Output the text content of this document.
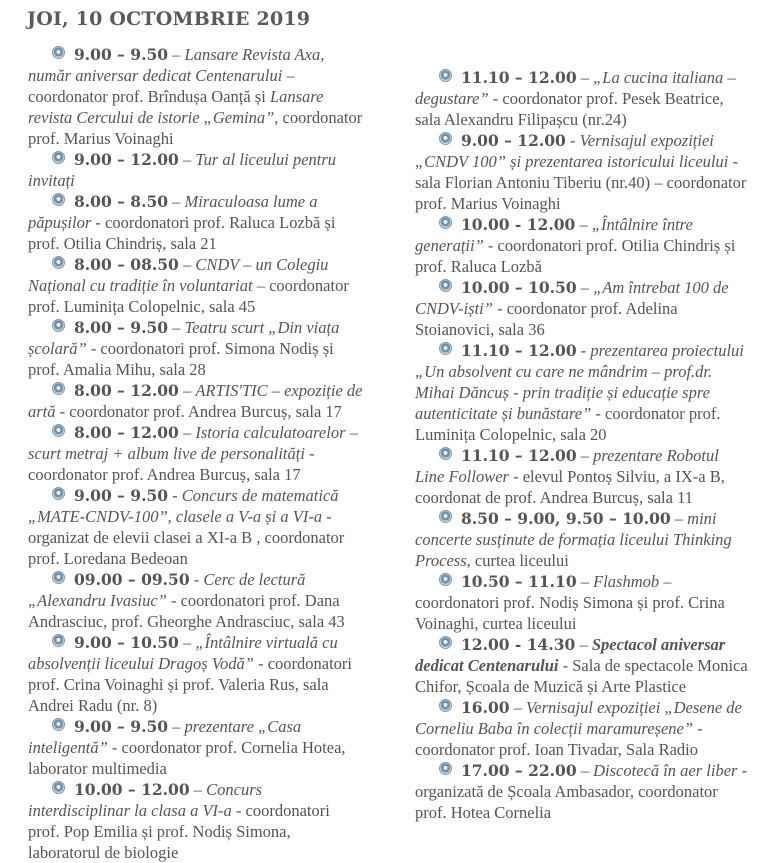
JOI, 10 OCTOMBRIE 2019

9.00 – 9.50 – Lansare Revista Axa, număr aniversar dedicat Centenarului – coordonator prof. Brîndușa Oanță și Lansare revista Cercului de istorie „Gemina”, coordonator prof. Marius Voinaghi

9.00 – 12.00 – Tur al liceului pentru invitați

8.00 – 8.50 – Miraculoasa lume a păpușilor - coordonatori prof. Raluca Lozbă și prof. Otilia Chindriș, sala 21

8.00 – 08.50 – CNDV – un Colegiu Național cu tradiție în voluntariat – coordonator prof. Luminița Colopelnic, sala 45

8.00 – 9.50 – Teatru scurt „Din viața școlară” - coordonatori prof. Simona Nodiș și prof. Amalia Mihu, sala 28

8.00 – 12.00 – ARTIS'TIC – expoziție de artă - coordonator prof. Andrea Burcuș, sala 17

8.00 – 12.00 – Istoria calculatoarelor – scurt metraj + album live de personalități - coordonator prof. Andrea Burcuș, sala 17

9.00 – 9.50 - Concurs de matematică „MATE-CNDV-100”, clasele a V-a și a VI-a - organizat de elevii clasei a XI-a B , coordonator prof. Loredana Bedeoan

09.00 – 09.50 - Cerc de lectură „Alexandru Ivasiuc” - coordonatori prof. Dana Andrasciuc, prof. Gheorghe Andrasciuc, sala 43

9.00 – 10.50 – „Întâlnire virtuală cu absolvenții liceului Dragoș Vodă” - coordonatori prof. Crina Voinaghi și prof. Valeria Rus, sala Andrei Radu (nr. 8)

9.00 – 9.50 – prezentare „Casa inteligentă” - coordonator prof. Cornelia Hotea, laborator multimedia

10.00 – 12.00 – Concurs interdisciplinar la clasa a VI-a - coordonatori prof. Pop Emilia și prof. Nodiș Simona, laboratorul de biologie

11.10 – 12.00 – „La cucina italiana – degustare” - coordonator prof. Pesek Beatrice, sala Alexandru Filipașcu (nr.24)

9.00 – 12.00 - Vernisajul expoziției „CNDV 100” și prezentarea istoricului liceului - sala Florian Antoniu Tiberiu (nr.40) – coordonator prof. Marius Voinaghi

10.00 - 12.00 – „Întâlnire între generații” - coordonatori prof. Otilia Chindriș și prof. Raluca Lozbă

10.00 – 10.50 – „Am întrebat 100 de CNDV-iști” - coordonator prof. Adelina Stoianovici, sala 36

11.10 – 12.00 - prezentarea proiectului „Un absolvent cu care ne mândrim – prof.dr. Mihai Dăncuș - prin tradiție și educație spre autenticitate și bunăstare” - coordonator prof. Luminița Colopelnic, sala 20

11.10 – 12.00 – prezentare Robotul Line Follower - elevul Pontoș Silviu, a IX-a B, coordonat de prof. Andrea Burcuș, sala 11

8.50 – 9.00, 9.50 – 10.00 – mini concerte susținute de formația liceului Thinking Process, curtea liceului

10.50 – 11.10 – Flashmob – coordonatori prof. Nodiș Simona și prof. Crina Voinaghi, curtea liceului

12.00 - 14.30 – Spectacol aniversar dedicat Centenarului - Sala de spectacole Monica Chifor, Școala de Muzică și Arte Plastice

16.00 – Vernisajul expoziției „Desene de Corneliu Baba în colecții maramureșene” - coordonator prof. Ioan Tivadar, Sala Radio

17.00 – 22.00 – Discotecă în aer liber - organizată de Școala Ambasador, coordonator prof. Hotea Cornelia
